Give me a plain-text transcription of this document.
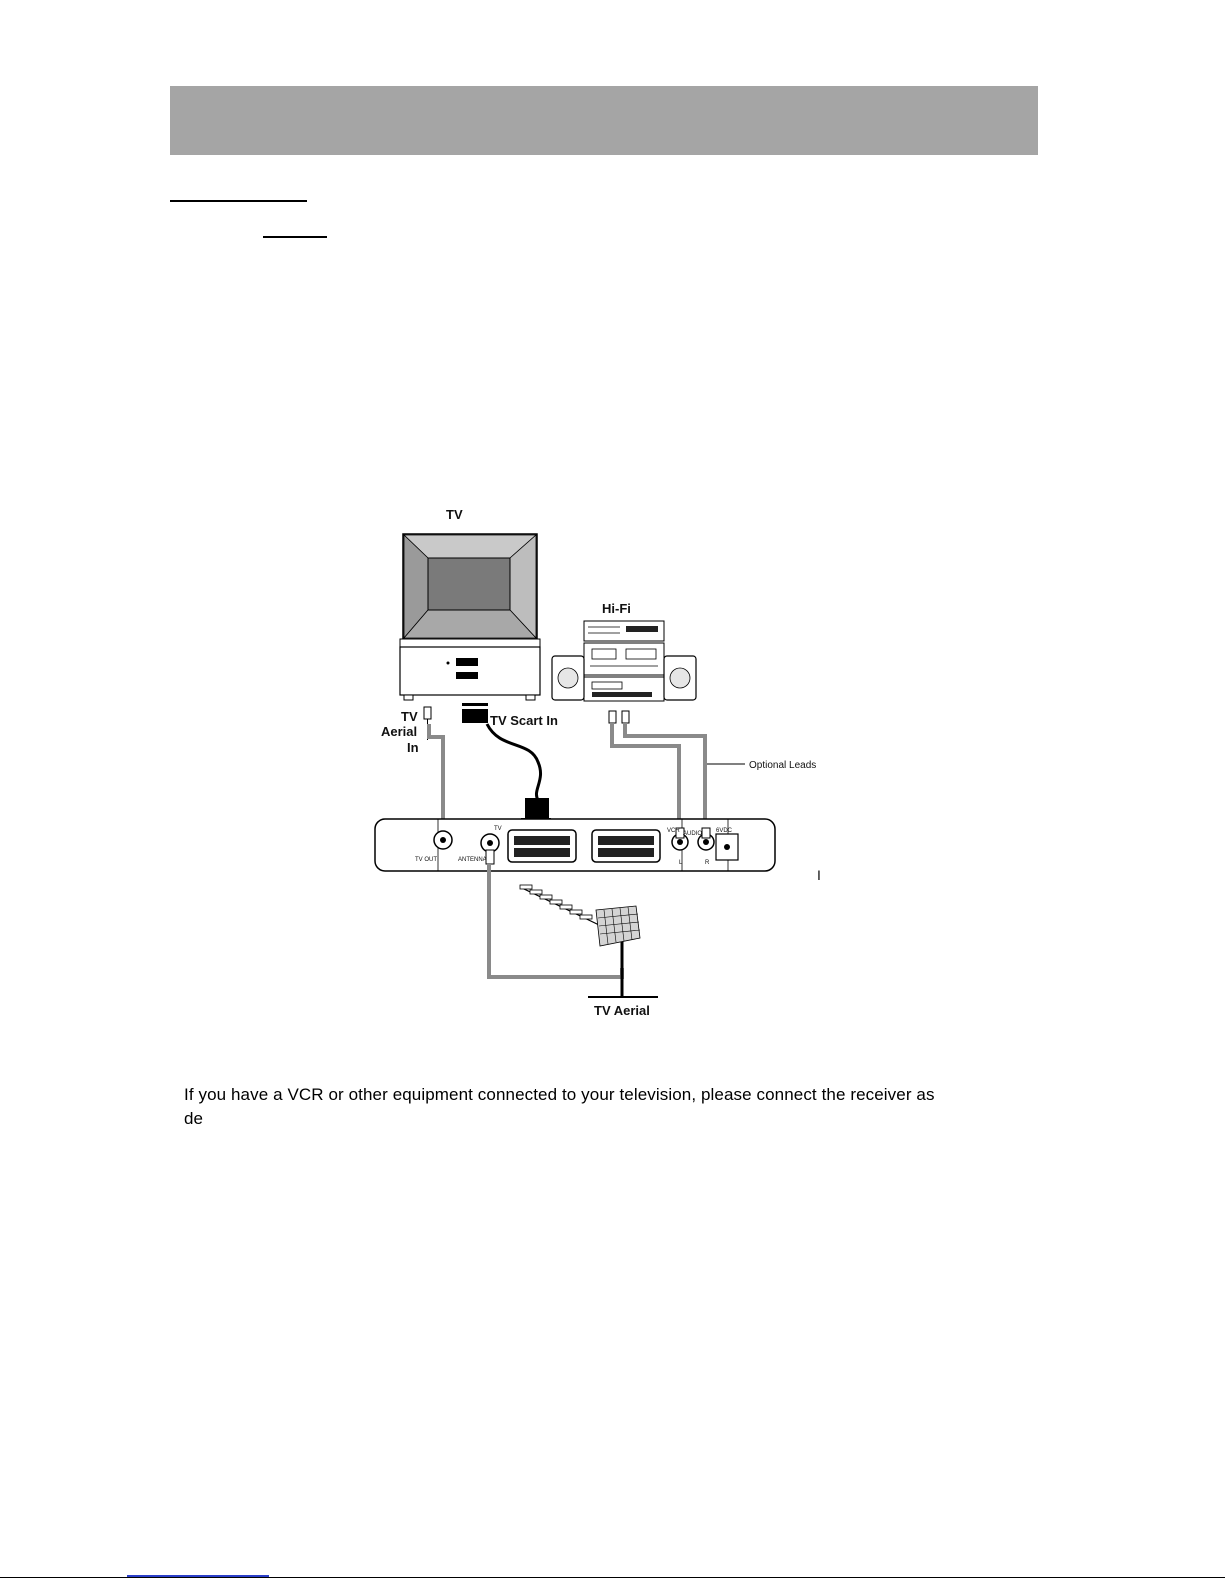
TV
Hi-Fi
TV
Aerial
In
TV Scart In
Optional Leads
TV OUT	ANTENNA
TV	VCR AUDIO
L	R
6VDC
I
TV Aerial

If you have a VCR or other equipment connected to your television, please connect the receiver as

de
